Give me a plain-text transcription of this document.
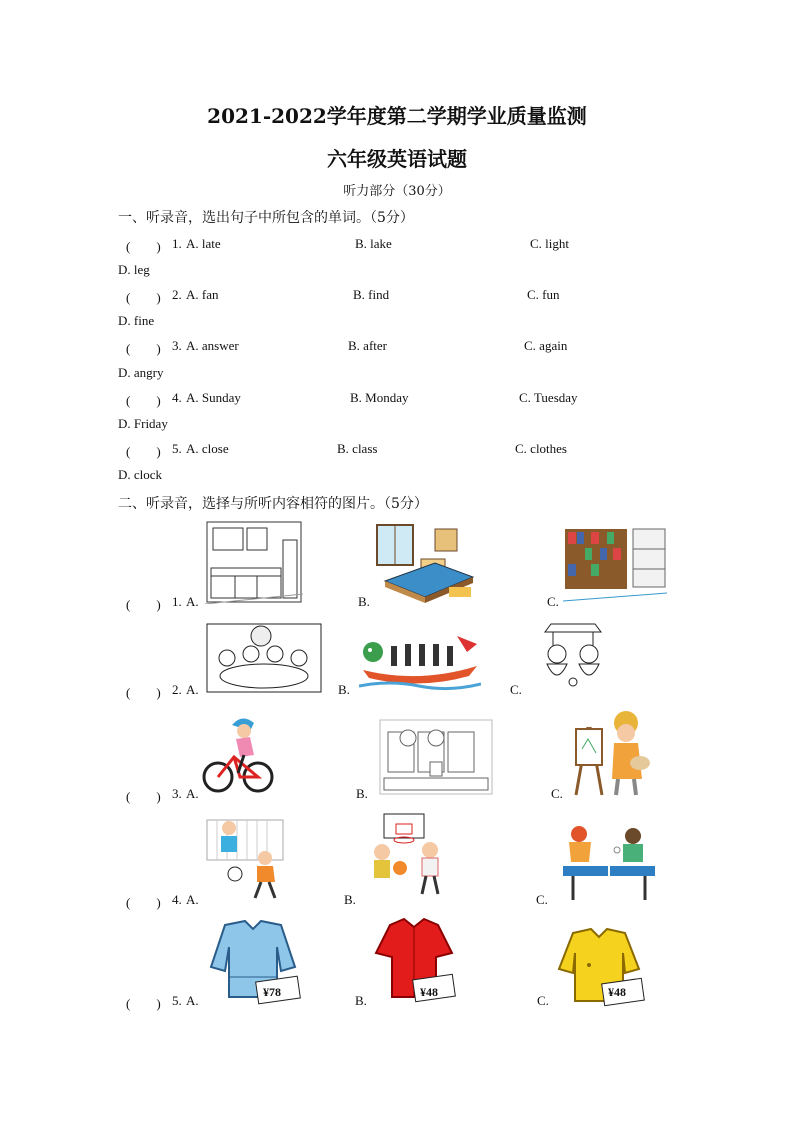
2021-2022学年度第二学期学业质量监测
六年级英语试题
听力部分（30分）
一、听录音，选出句子中所包含的单词。（5分）
(　　) 1. A. late	B. lake	C. light
D. leg
(　　) 2. A. fan	B. find	C. fun
D. fine
(　　) 3. A. answer	B. after	C. again
D. angry
(　　) 4. A. Sunday	B. Monday	C. Tuesday
D. Friday
(　　) 5. A. close	B. class	C. clothes
D. clock
二、听录音，选择与所听内容相符的图片。（5分）
(　　) 1. A.	B.	C.
(　　) 2. A.	B.	C.
(　　) 3. A.	B.	C.
(　　) 4. A.	B.	C.
(　　) 5. A.
¥78
B.
¥48
C.
¥48
